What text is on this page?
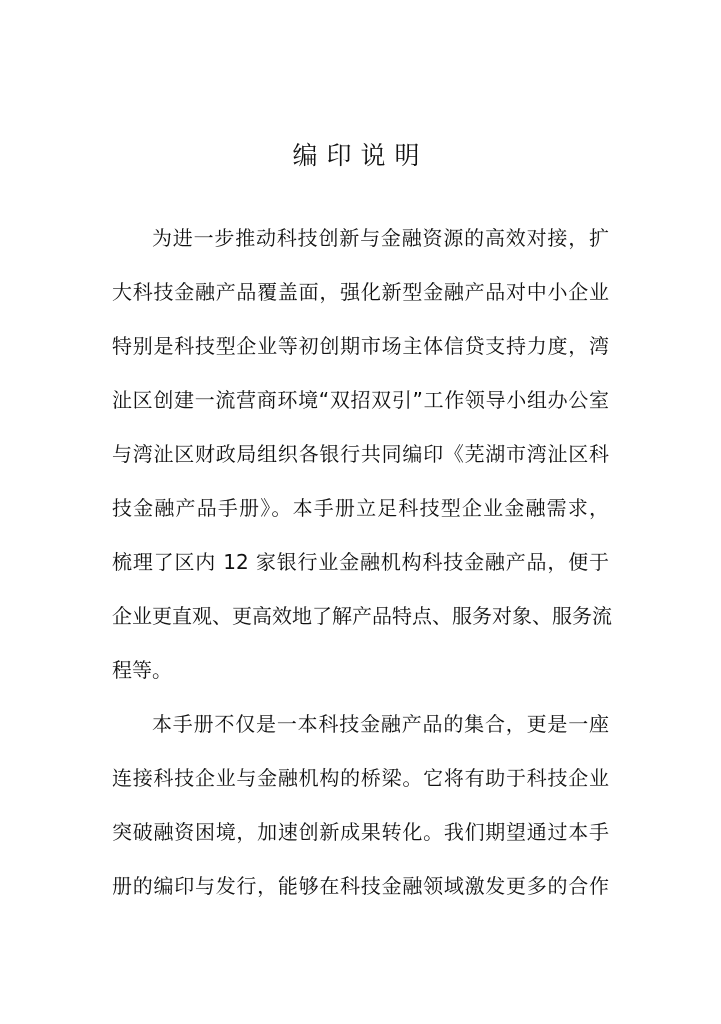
编印说明
为进一步推动科技创新与金融资源的高效对接，扩
大科技金融产品覆盖面，强化新型金融产品对中小企业
特别是科技型企业等初创期市场主体信贷支持力度，湾
沚区创建一流营商环境“双招双引”工作领导小组办公室
与湾沚区财政局组织各银行共同编印《芜湖市湾沚区科
技金融产品手册》。本手册立足科技型企业金融需求，
梳理了区内 12 家银行业金融机构科技金融产品，便于
企业更直观、更高效地了解产品特点、服务对象、服务流
程等。
本手册不仅是一本科技金融产品的集合，更是一座
连接科技企业与金融机构的桥梁。它将有助于科技企业
突破融资困境，加速创新成果转化。我们期望通过本手
册的编印与发行，能够在科技金融领域激发更多的合作
